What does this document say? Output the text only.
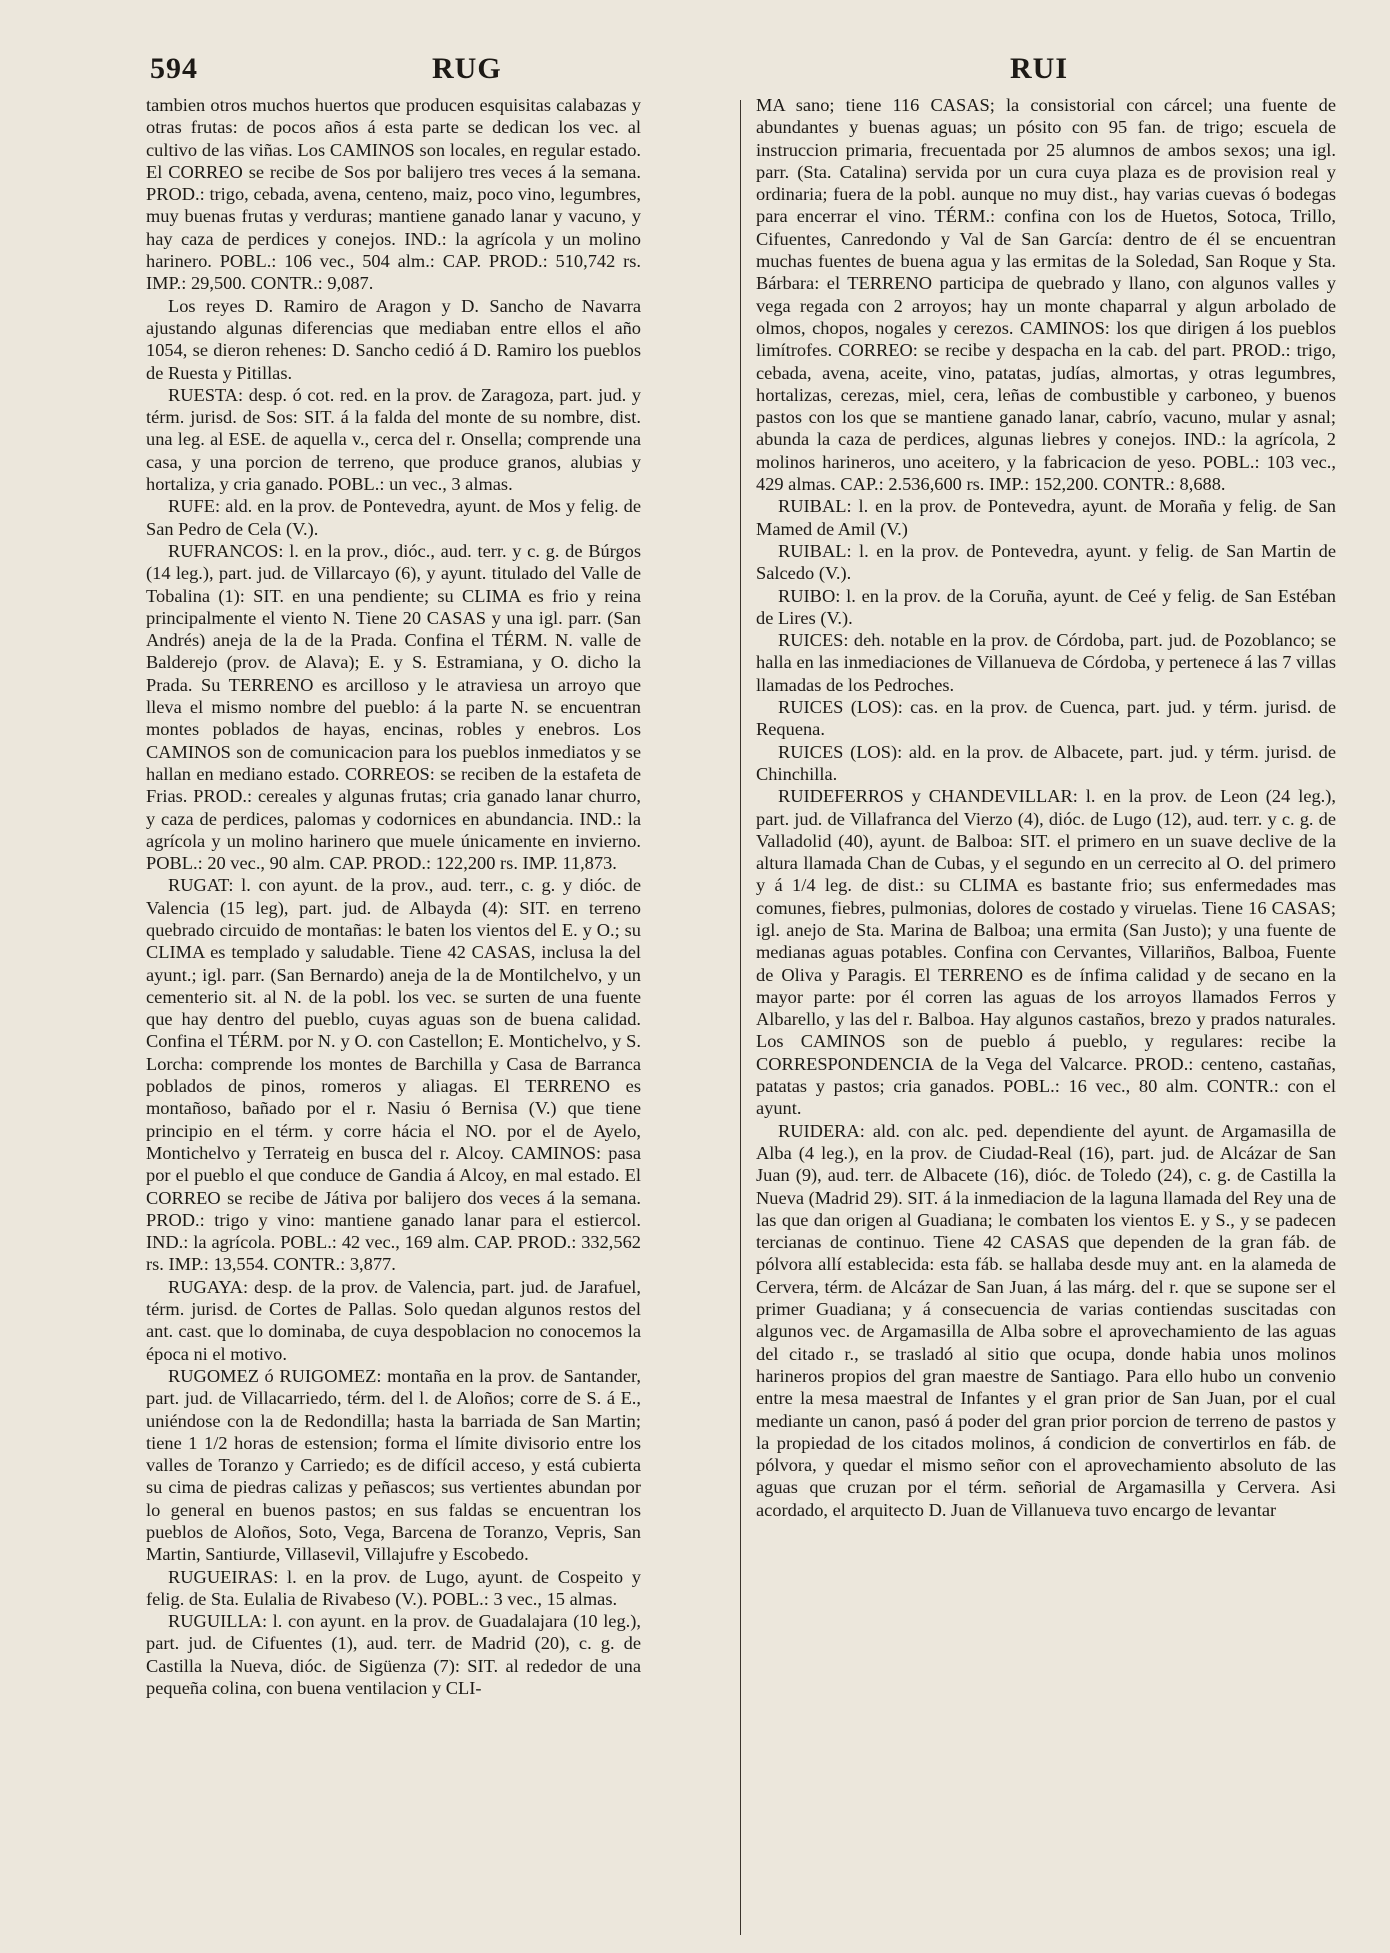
594	RUG	RUI

tambien otros muchos huertos que producen esquisitas calabazas y otras frutas: de pocos años á esta parte se dedican los vec. al cultivo de las viñas. Los CAMINOS son locales, en regular estado. El CORREO se recibe de Sos por balijero tres veces á la semana. PROD.: trigo, cebada, avena, centeno, maiz, poco vino, legumbres, muy buenas frutas y verduras; mantiene ganado lanar y vacuno, y hay caza de perdices y conejos. IND.: la agrícola y un molino harinero. POBL.: 106 vec., 504 alm.: CAP. PROD.: 510,742 rs. IMP.: 29,500. CONTR.: 9,087.

Los reyes D. Ramiro de Aragon y D. Sancho de Navarra ajustando algunas diferencias que mediaban entre ellos el año 1054, se dieron rehenes: D. Sancho cedió á D. Ramiro los pueblos de Ruesta y Pitillas.

RUESTA: desp. ó cot. red. en la prov. de Zaragoza, part. jud. y térm. jurisd. de Sos: SIT. á la falda del monte de su nombre, dist. una leg. al ESE. de aquella v., cerca del r. Onsella; comprende una casa, y una porcion de terreno, que produce granos, alubias y hortaliza, y cria ganado. POBL.: un vec., 3 almas.

RUFE: ald. en la prov. de Pontevedra, ayunt. de Mos y felig. de San Pedro de Cela (V.).

RUFRANCOS: l. en la prov., dióc., aud. terr. y c. g. de Búrgos (14 leg.), part. jud. de Villarcayo (6), y ayunt. titulado del Valle de Tobalina (1): SIT. en una pendiente; su CLIMA es frio y reina principalmente el viento N. Tiene 20 CASAS y una igl. parr. (San Andrés) aneja de la de la Prada. Confina el TÉRM. N. valle de Balderejo (prov. de Alava); E. y S. Estramiana, y O. dicho la Prada. Su TERRENO es arcilloso y le atraviesa un arroyo que lleva el mismo nombre del pueblo: á la parte N. se encuentran montes poblados de hayas, encinas, robles y enebros. Los CAMINOS son de comunicacion para los pueblos inmediatos y se hallan en mediano estado. CORREOS: se reciben de la estafeta de Frias. PROD.: cereales y algunas frutas; cria ganado lanar churro, y caza de perdices, palomas y codornices en abundancia. IND.: la agrícola y un molino harinero que muele únicamente en invierno. POBL.: 20 vec., 90 alm. CAP. PROD.: 122,200 rs. IMP. 11,873.

RUGAT: l. con ayunt. de la prov., aud. terr., c. g. y dióc. de Valencia (15 leg), part. jud. de Albayda (4): SIT. en terreno quebrado circuido de montañas: le baten los vientos del E. y O.; su CLIMA es templado y saludable. Tiene 42 CASAS, inclusa la del ayunt.; igl. parr. (San Bernardo) aneja de la de Montilchelvo, y un cementerio sit. al N. de la pobl. los vec. se surten de una fuente que hay dentro del pueblo, cuyas aguas son de buena calidad. Confina el TÉRM. por N. y O. con Castellon; E. Montichelvo, y S. Lorcha: comprende los montes de Barchilla y Casa de Barranca poblados de pinos, romeros y aliagas. El TERRENO es montañoso, bañado por el r. Nasiu ó Bernisa (V.) que tiene principio en el térm. y corre hácia el NO. por el de Ayelo, Montichelvo y Terrateig en busca del r. Alcoy. CAMINOS: pasa por el pueblo el que conduce de Gandia á Alcoy, en mal estado. El CORREO se recibe de Játiva por balijero dos veces á la semana. PROD.: trigo y vino: mantiene ganado lanar para el estiercol. IND.: la agrícola. POBL.: 42 vec., 169 alm. CAP. PROD.: 332,562 rs. IMP.: 13,554. CONTR.: 3,877.

RUGAYA: desp. de la prov. de Valencia, part. jud. de Jarafuel, térm. jurisd. de Cortes de Pallas. Solo quedan algunos restos del ant. cast. que lo dominaba, de cuya despoblacion no conocemos la época ni el motivo.

RUGOMEZ ó RUIGOMEZ: montaña en la prov. de Santander, part. jud. de Villacarriedo, térm. del l. de Aloños; corre de S. á E., uniéndose con la de Redondilla; hasta la barriada de San Martin; tiene 1 1/2 horas de estension; forma el límite divisorio entre los valles de Toranzo y Carriedo; es de difícil acceso, y está cubierta su cima de piedras calizas y peñascos; sus vertientes abundan por lo general en buenos pastos; en sus faldas se encuentran los pueblos de Aloños, Soto, Vega, Barcena de Toranzo, Vepris, San Martin, Santiurde, Villasevil, Villajufre y Escobedo.

RUGUEIRAS: l. en la prov. de Lugo, ayunt. de Cospeito y felig. de Sta. Eulalia de Rivabeso (V.). POBL.: 3 vec., 15 almas.

RUGUILLA: l. con ayunt. en la prov. de Guadalajara (10 leg.), part. jud. de Cifuentes (1), aud. terr. de Madrid (20), c. g. de Castilla la Nueva, dióc. de Sigüenza (7): SIT. al rededor de una pequeña colina, con buena ventilacion y CLI-

MA sano; tiene 116 CASAS; la consistorial con cárcel; una fuente de abundantes y buenas aguas; un pósito con 95 fan. de trigo; escuela de instruccion primaria, frecuentada por 25 alumnos de ambos sexos; una igl. parr. (Sta. Catalina) servida por un cura cuya plaza es de provision real y ordinaria; fuera de la pobl. aunque no muy dist., hay varias cuevas ó bodegas para encerrar el vino. TÉRM.: confina con los de Huetos, Sotoca, Trillo, Cifuentes, Canredondo y Val de San García: dentro de él se encuentran muchas fuentes de buena agua y las ermitas de la Soledad, San Roque y Sta. Bárbara: el TERRENO participa de quebrado y llano, con algunos valles y vega regada con 2 arroyos; hay un monte chaparral y algun arbolado de olmos, chopos, nogales y cerezos. CAMINOS: los que dirigen á los pueblos limítrofes. CORREO: se recibe y despacha en la cab. del part. PROD.: trigo, cebada, avena, aceite, vino, patatas, judías, almortas, y otras legumbres, hortalizas, cerezas, miel, cera, leñas de combustible y carboneo, y buenos pastos con los que se mantiene ganado lanar, cabrío, vacuno, mular y asnal; abunda la caza de perdices, algunas liebres y conejos. IND.: la agrícola, 2 molinos harineros, uno aceitero, y la fabricacion de yeso. POBL.: 103 vec., 429 almas. CAP.: 2.536,600 rs. IMP.: 152,200. CONTR.: 8,688.

RUIBAL: l. en la prov. de Pontevedra, ayunt. de Moraña y felig. de San Mamed de Amil (V.)

RUIBAL: l. en la prov. de Pontevedra, ayunt. y felig. de San Martin de Salcedo (V.).

RUIBO: l. en la prov. de la Coruña, ayunt. de Ceé y felig. de San Estéban de Lires (V.).

RUICES: deh. notable en la prov. de Córdoba, part. jud. de Pozoblanco; se halla en las inmediaciones de Villanueva de Córdoba, y pertenece á las 7 villas llamadas de los Pedroches.

RUICES (LOS): cas. en la prov. de Cuenca, part. jud. y térm. jurisd. de Requena.

RUICES (LOS): ald. en la prov. de Albacete, part. jud. y térm. jurisd. de Chinchilla.

RUIDEFERROS y CHANDEVILLAR: l. en la prov. de Leon (24 leg.), part. jud. de Villafranca del Vierzo (4), dióc. de Lugo (12), aud. terr. y c. g. de Valladolid (40), ayunt. de Balboa: SIT. el primero en un suave declive de la altura llamada Chan de Cubas, y el segundo en un cerrecito al O. del primero y á 1/4 leg. de dist.: su CLIMA es bastante frio; sus enfermedades mas comunes, fiebres, pulmonias, dolores de costado y viruelas. Tiene 16 CASAS; igl. anejo de Sta. Marina de Balboa; una ermita (San Justo); y una fuente de medianas aguas potables. Confina con Cervantes, Villariños, Balboa, Fuente de Oliva y Paragis. El TERRENO es de ínfima calidad y de secano en la mayor parte: por él corren las aguas de los arroyos llamados Ferros y Albarello, y las del r. Balboa. Hay algunos castaños, brezo y prados naturales. Los CAMINOS son de pueblo á pueblo, y regulares: recibe la CORRESPONDENCIA de la Vega del Valcarce. PROD.: centeno, castañas, patatas y pastos; cria ganados. POBL.: 16 vec., 80 alm. CONTR.: con el ayunt.

RUIDERA: ald. con alc. ped. dependiente del ayunt. de Argamasilla de Alba (4 leg.), en la prov. de Ciudad-Real (16), part. jud. de Alcázar de San Juan (9), aud. terr. de Albacete (16), dióc. de Toledo (24), c. g. de Castilla la Nueva (Madrid 29). SIT. á la inmediacion de la laguna llamada del Rey una de las que dan origen al Guadiana; le combaten los vientos E. y S., y se padecen tercianas de continuo. Tiene 42 CASAS que dependen de la gran fáb. de pólvora allí establecida: esta fáb. se hallaba desde muy ant. en la alameda de Cervera, térm. de Alcázar de San Juan, á las márg. del r. que se supone ser el primer Guadiana; y á consecuencia de varias contiendas suscitadas con algunos vec. de Argamasilla de Alba sobre el aprovechamiento de las aguas del citado r., se trasladó al sitio que ocupa, donde habia unos molinos harineros propios del gran maestre de Santiago. Para ello hubo un convenio entre la mesa maestral de Infantes y el gran prior de San Juan, por el cual mediante un canon, pasó á poder del gran prior porcion de terreno de pastos y la propiedad de los citados molinos, á condicion de convertirlos en fáb. de pólvora, y quedar el mismo señor con el aprovechamiento absoluto de las aguas que cruzan por el térm. señorial de Argamasilla y Cervera. Asi acordado, el arquitecto D. Juan de Villanueva tuvo encargo de levantar
